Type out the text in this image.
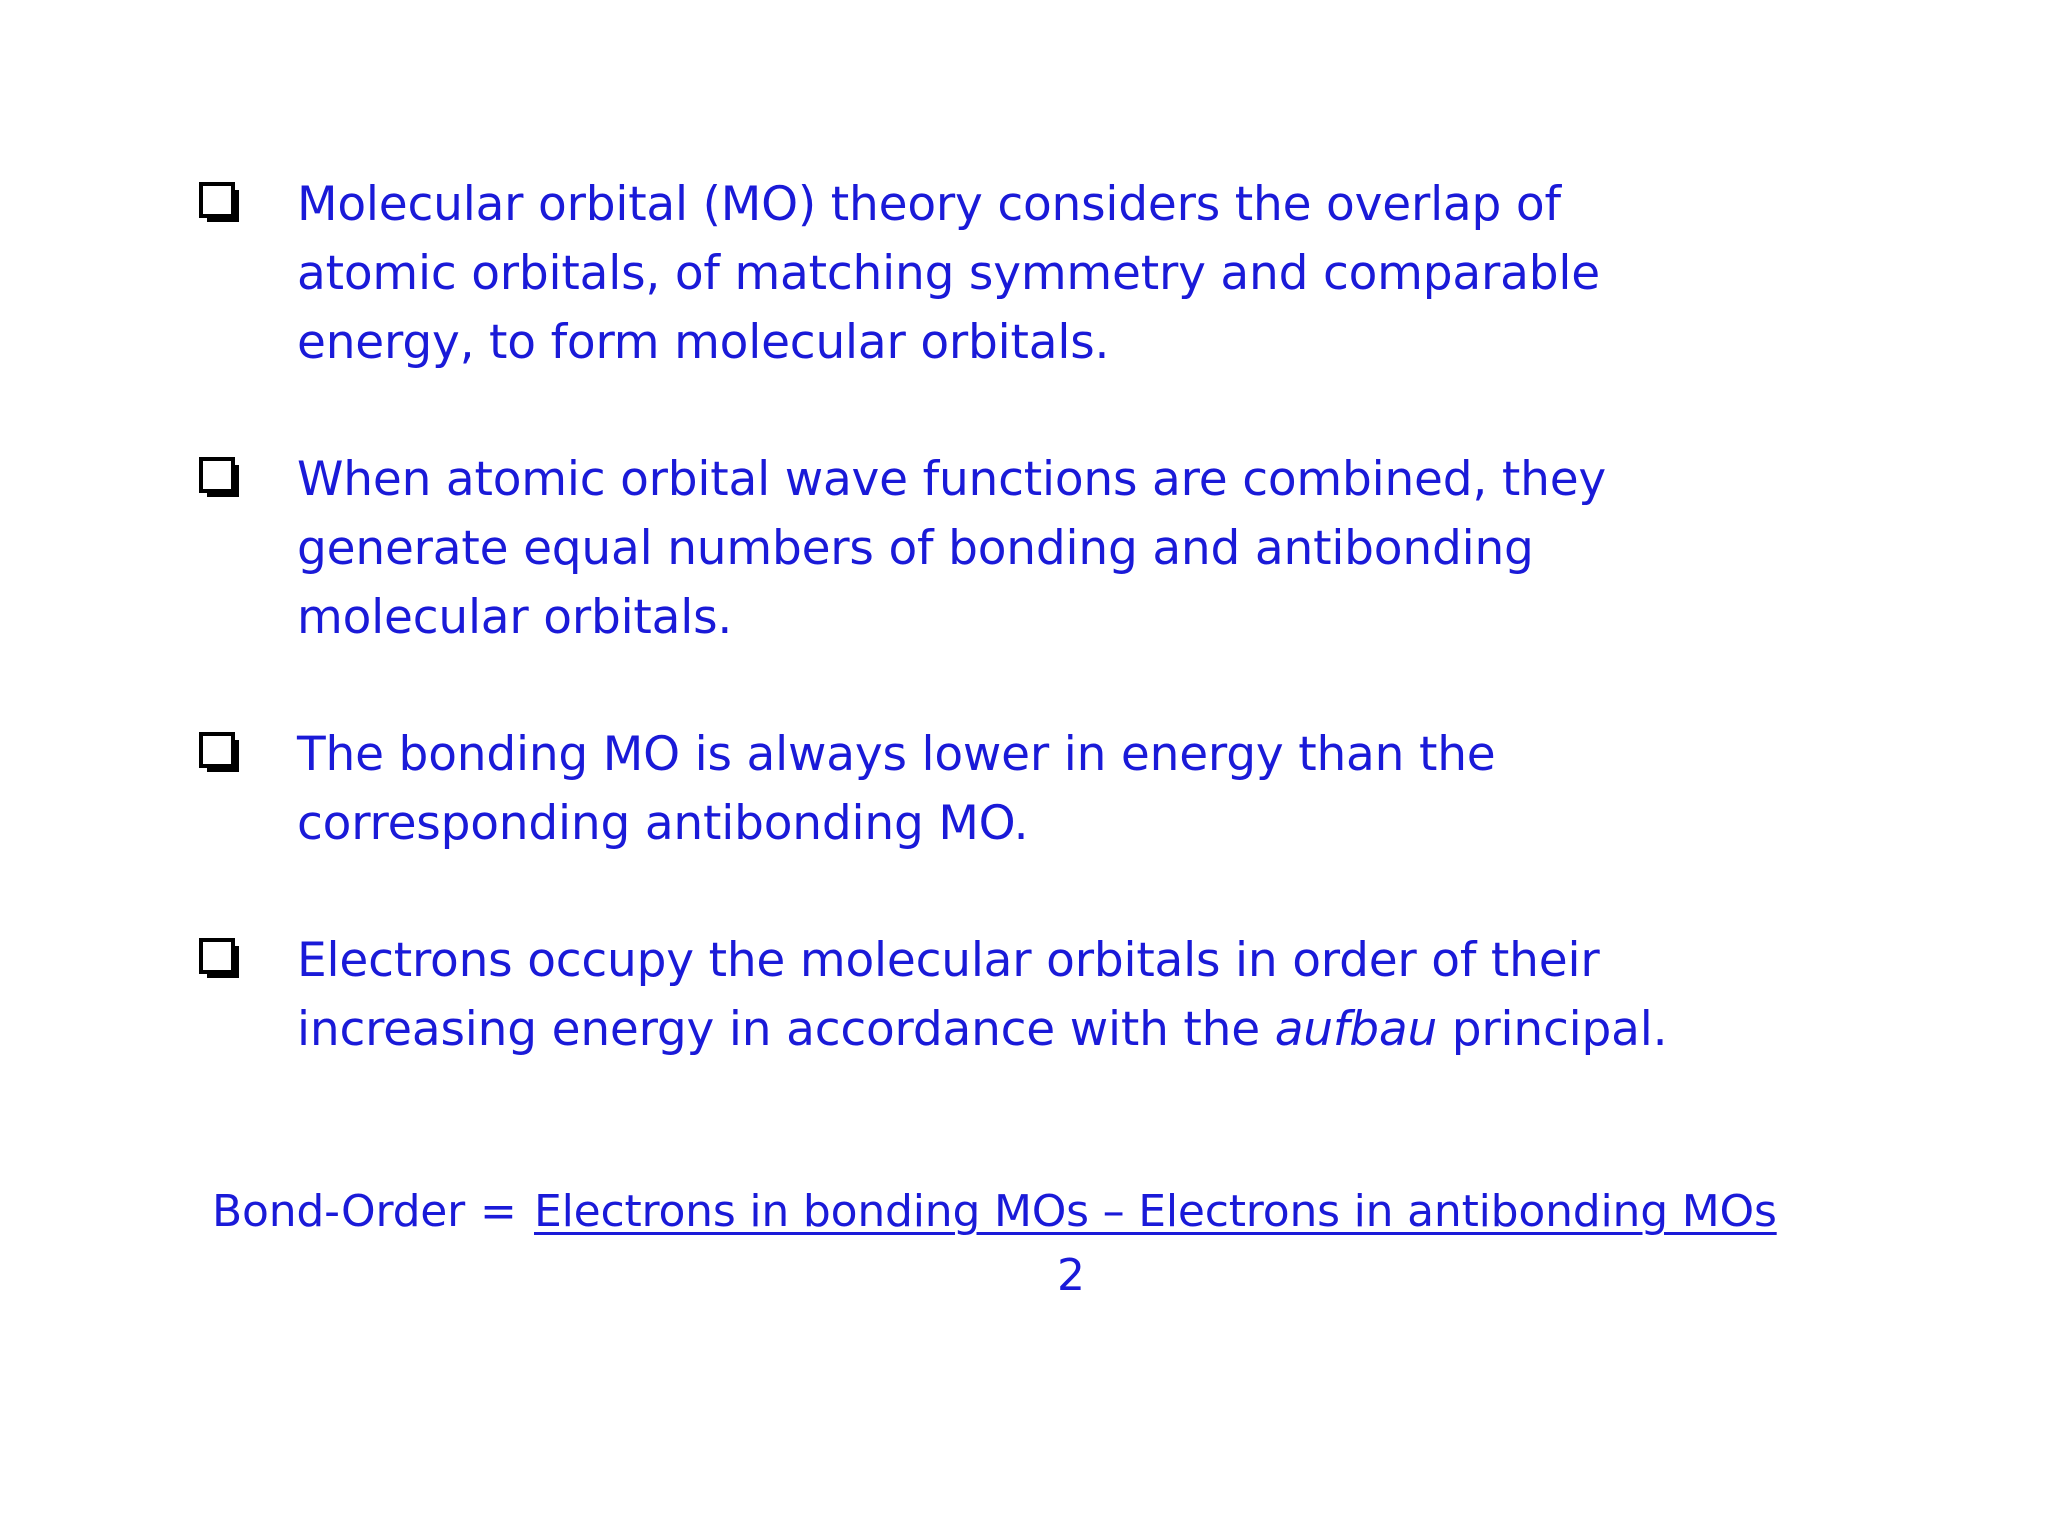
Molecular orbital (MO) theory considers the overlap of
atomic orbitals, of matching symmetry and comparable
energy, to form molecular orbitals.
When atomic orbital wave functions are combined, they
generate equal numbers of bonding and antibonding
molecular orbitals.
The bonding MO is always lower in energy than the
corresponding antibonding MO.
Electrons occupy the molecular orbitals in order of their
increasing energy in accordance with the aufbau principal.
Bond-Order = Electrons in bonding MOs – Electrons in antibonding MOs
2
